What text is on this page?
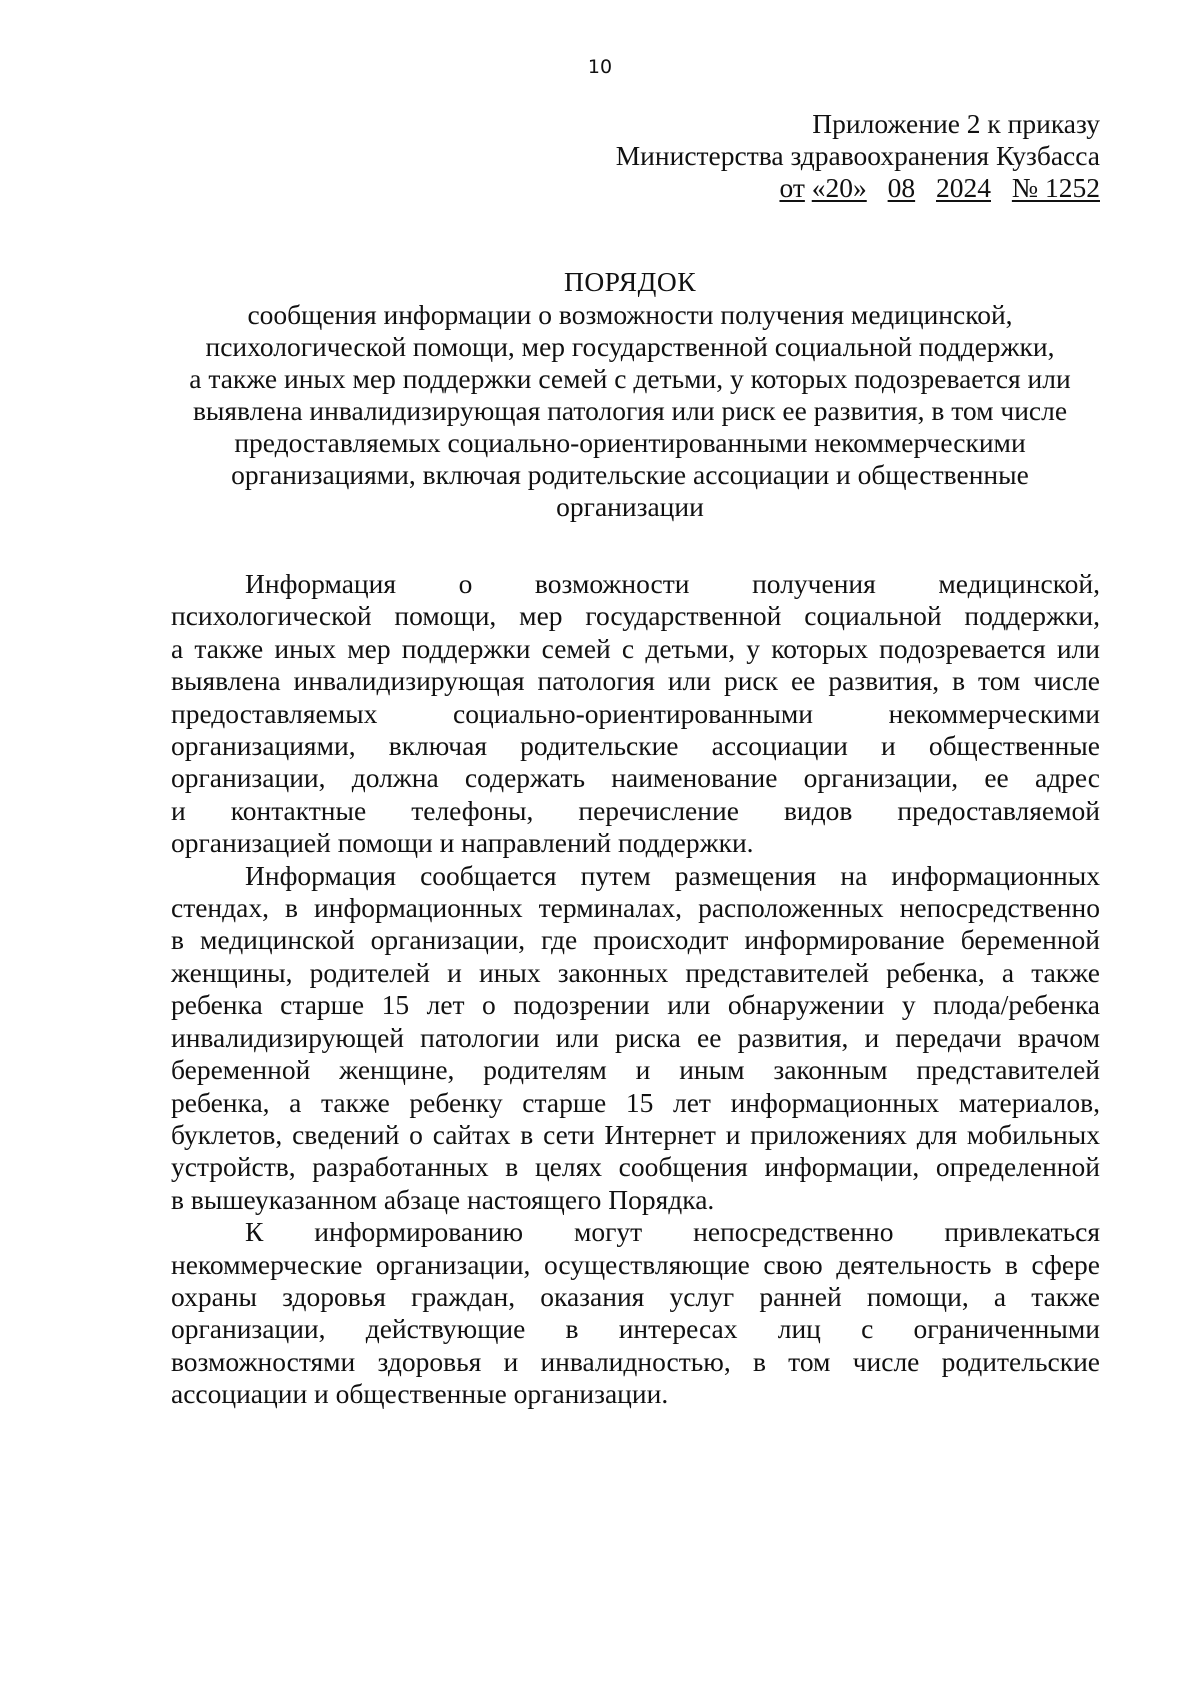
10
Приложение 2 к приказу
Министерства здравоохранения Кузбасса
от «20» 08 2024 № 1252
ПОРЯДОК
сообщения информации о возможности получения медицинской,
психологической помощи, мер государственной социальной поддержки,
а также иных мер поддержки семей с детьми, у которых подозревается или
выявлена инвалидизирующая патология или риск ее развития, в том числе
предоставляемых социально-ориентированными некоммерческими
организациями, включая родительские ассоциации и общественные
организации
Информация о возможности получения медицинской,
психологической помощи, мер государственной социальной поддержки,
а также иных мер поддержки семей с детьми, у которых подозревается или
выявлена инвалидизирующая патология или риск ее развития, в том числе
предоставляемых социально-ориентированными некоммерческими
организациями, включая родительские ассоциации и общественные
организации, должна содержать наименование организации, ее адрес
и контактные телефоны, перечисление видов предоставляемой
организацией помощи и направлений поддержки.
Информация сообщается путем размещения на информационных
стендах, в информационных терминалах, расположенных непосредственно
в медицинской организации, где происходит информирование беременной
женщины, родителей и иных законных представителей ребенка, а также
ребенка старше 15 лет о подозрении или обнаружении у плода/ребенка
инвалидизирующей патологии или риска ее развития, и передачи врачом
беременной женщине, родителям и иным законным представителей
ребенка, а также ребенку старше 15 лет информационных материалов,
буклетов, сведений о сайтах в сети Интернет и приложениях для мобильных
устройств, разработанных в целях сообщения информации, определенной
в вышеуказанном абзаце настоящего Порядка.
К информированию могут непосредственно привлекаться
некоммерческие организации, осуществляющие свою деятельность в сфере
охраны здоровья граждан, оказания услуг ранней помощи, а также
организации, действующие в интересах лиц с ограниченными
возможностями здоровья и инвалидностью, в том числе родительские
ассоциации и общественные организации.
